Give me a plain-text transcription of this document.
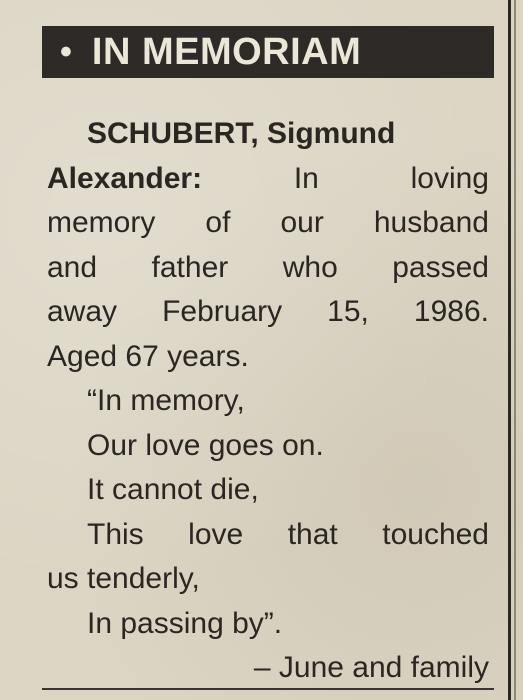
• IN MEMORIAM
SCHUBERT, Sigmund
Alexander:	In	loving
memory of our husband
and father who passed
away February 15, 1986.
Aged 67 years.
“In memory,
Our love goes on.
It cannot die,
This love that touched
us tenderly,
In passing by”.
– June and family
